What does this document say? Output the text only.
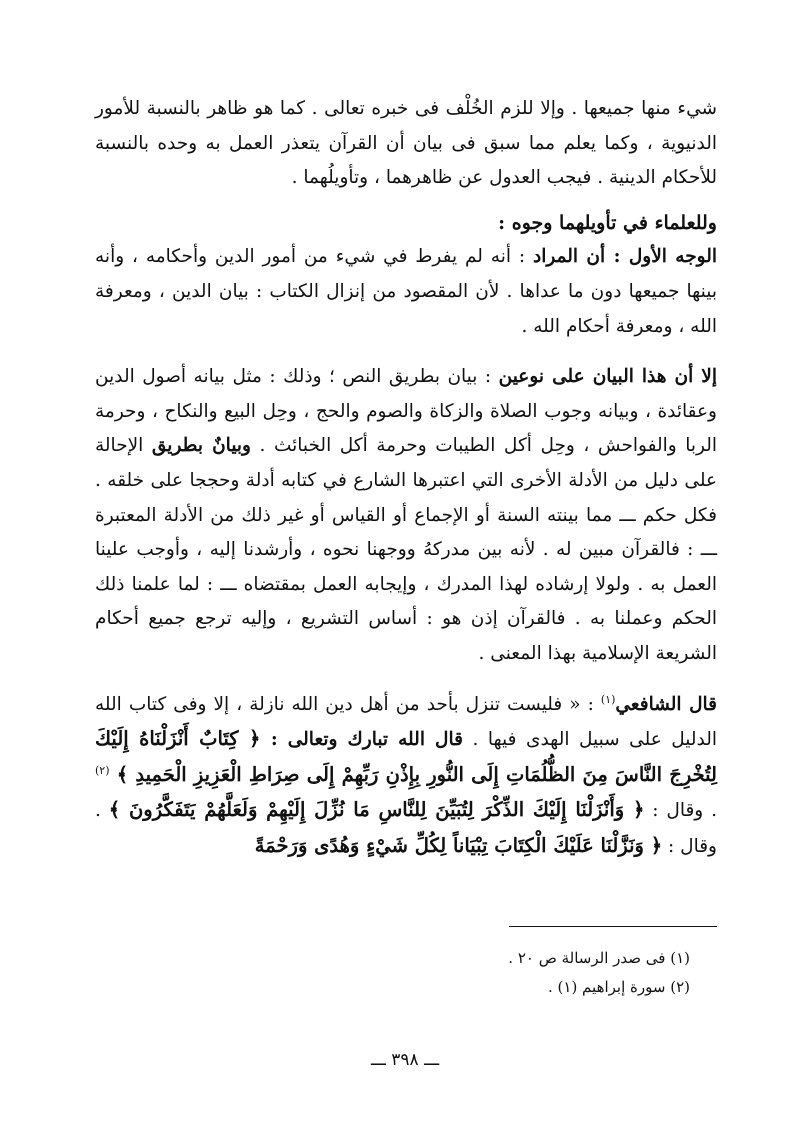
شيء منها جميعها . وإلا للزم الخُلْف فى خبره تعالى . كما هو ظاهر بالنسبة للأمور الدنيوية ، وكما يعلم مما سبق فى بيان أن القرآن يتعذر العمل به وحده بالنسبة للأحكام الدينية . فيجب العدول عن ظاهرهما ، وتأويلُهما .

وللعلماء في تأويلهما وجوه :

الوجه الأول : أن المراد : أنه لم يفرط في شيء من أمور الدين وأحكامه ، وأنه بينها جميعها دون ما عداها . لأن المقصود من إنزال الكتاب : بيان الدين ، ومعرفة الله ، ومعرفة أحكام الله .

إلا أن هذا البيان على نوعين : بيان بطريق النص ؛ وذلك : مثل بيانه أصول الدين وعقائدة ، وبيانه وجوب الصلاة والزكاة والصوم والحج ، وحِل البيع والنكاح ، وحرمة الربا والفواحش ، وحِل أكل الطيبات وحرمة أكل الخبائث . وبيانٌ بطريق الإحالة على دليل من الأدلة الأخرى التي اعتبرها الشارع في كتابه أدلة وحججا على خلقه . فكل حكم ـــ مما بينته السنة أو الإجماع أو القياس أو غير ذلك من الأدلة المعتبرة ـــ : فالقرآن مبين له . لأنه بين مدركهُ ووجهنا نحوه ، وأرشدنا إليه ، وأوجب علينا العمل به . ولولا إرشاده لهذا المدرك ، وإيجابه العمل بمقتضاه ـــ : لما علمنا ذلك الحكم وعملنا به . فالقرآن إذن هو : أساس التشريع ، وإليه ترجع جميع أحكام الشريعة الإسلامية بهذا المعنى .

قال الشافعي$^{(١)}$ : « فليست تنزل بأحد من أهل دين الله نازلة ، إلا وفى كتاب الله الدليل على سبيل الهدى فيها . قال الله تبارك وتعالى : ﴿ كِتَابٌ أَنْزَلْنَاهُ إِلَيْكَ لِتُخْرِجَ النَّاسَ مِنَ الظُّلُمَاتِ إِلَى النُّورِ بِإِذْنِ رَبِّهِمْ إِلَى صِرَاطِ الْعَزِيزِ الْحَمِيدِ ﴾ $^{(٢)}$ . وقال : ﴿ وَأَنْزَلْنَا إِلَيْكَ الذِّكْرَ لِتُبَيِّنَ لِلنَّاسِ مَا نُزِّلَ إِلَيْهِمْ وَلَعَلَّهُمْ يَتَفَكَّرُونَ ﴾ . وقال : ﴿ وَنَزَّلْنَا عَلَيْكَ الْكِتَابَ تِبْيَاناً لِكُلِّ شَيْءٍ وَهُدًى وَرَحْمَةً

(١) فى صدر الرسالة ص ٢٠ .
(٢) سورة إبراهيم (١) .
ـــ ٣٩٨ ـــ
